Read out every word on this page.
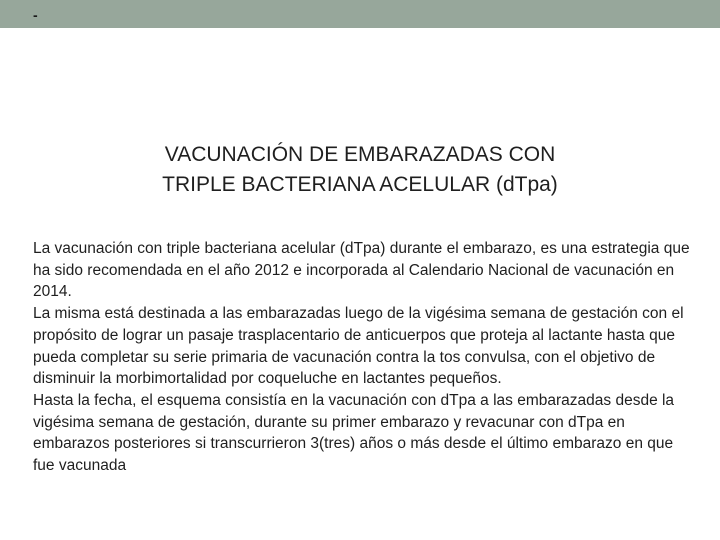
-
VACUNACIÓN DE EMBARAZADAS CON
TRIPLE BACTERIANA ACELULAR (dTpa)

La vacunación con triple bacteriana acelular (dTpa) durante el embarazo, es una estrategia que ha sido recomendada en el año 2012 e incorporada al Calendario Nacional de vacunación en 2014.

La misma está destinada a las embarazadas luego de la vigésima semana de gestación con el propósito de lograr un pasaje trasplacentario de anticuerpos que proteja al lactante hasta que pueda completar su serie primaria de vacunación contra la tos convulsa, con el objetivo de disminuir la morbimortalidad por coqueluche en lactantes pequeños.

Hasta la fecha, el esquema consistía en la vacunación con dTpa a las embarazadas desde la vigésima semana de gestación, durante su primer embarazo y revacunar con dTpa en embarazos posteriores si transcurrieron 3(tres) años o más desde el último embarazo en que fue vacunada
